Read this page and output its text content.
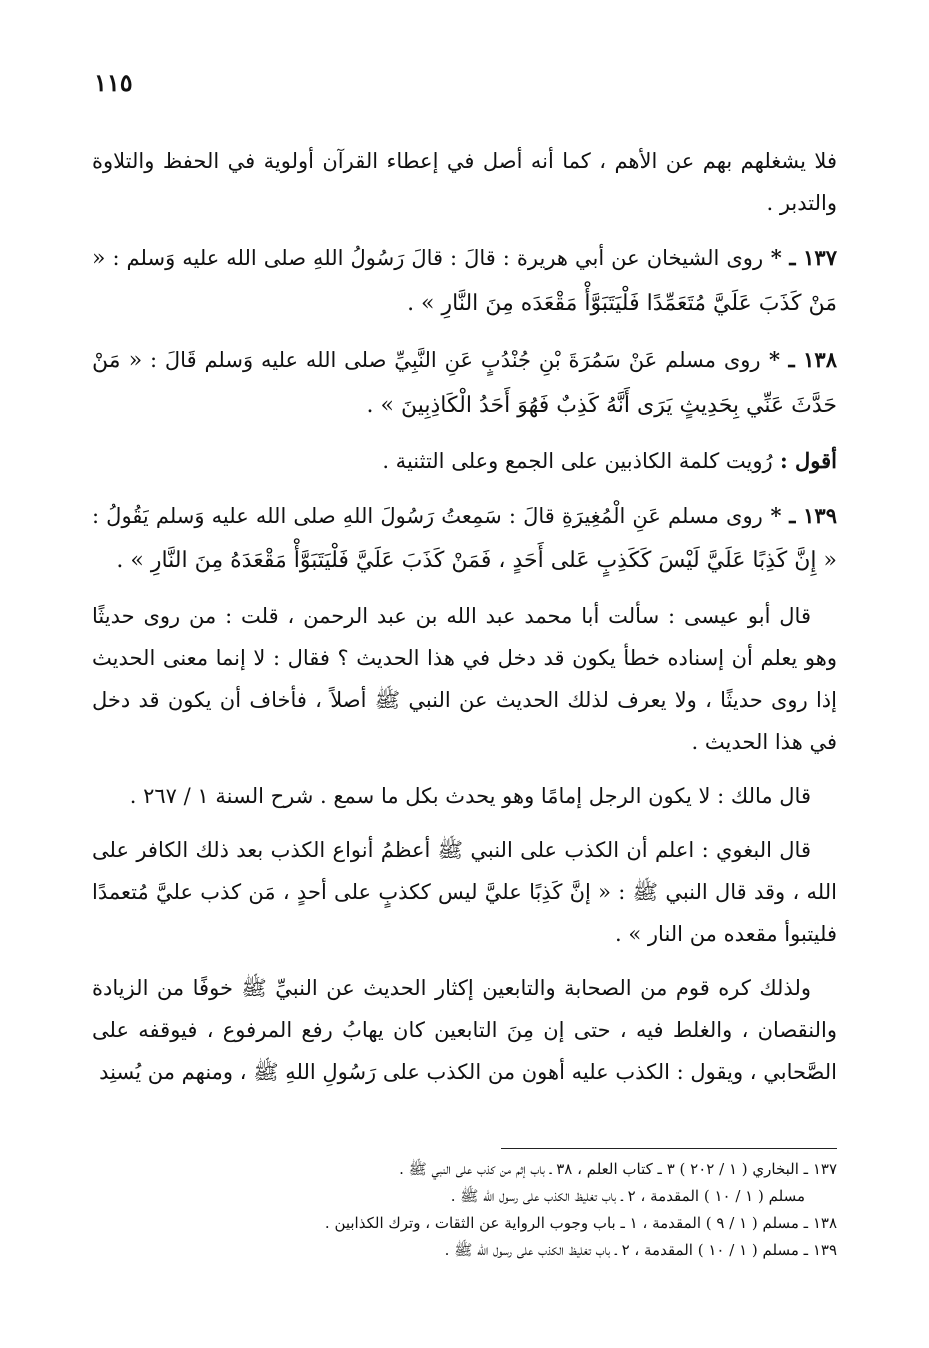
١١٥

فلا يشغلهم بهم عن الأهم ، كما أنه أصل في إعطاء القرآن أولوية في الحفظ والتلاوة والتدبر .

١٣٧ ـ * روى الشيخان عن أبي هريرة : قالَ : قالَ رَسُولُ اللهِ صلى الله عليه وَسلم : « مَنْ كَذَبَ عَلَيَّ مُتَعَمِّدًا فَلْيَتَبَوَّأْ مَقْعَدَه مِنَ النَّارِ » .

١٣٨ ـ * روى مسلم عَنْ سَمُرَةَ بْنِ جُنْدُبٍ عَنِ النَّبِيِّ صلى الله عليه وَسلم قَالَ : « مَنْ حَدَّثَ عَنِّي بِحَدِيثٍ يَرَى أَنَّهُ كَذِبٌ فَهُوَ أَحَدُ الْكَاذِبِينَ » .

أقول : رُويت كلمة الكاذبين على الجمع وعلى التثنية .

١٣٩ ـ * روى مسلم عَنِ الْمُغِيرَةِ قالَ : سَمِعتُ رَسُولَ اللهِ صلى الله عليه وَسلم يَقُولُ : « إِنَّ كَذِبًا عَلَيَّ لَيْسَ كَكَذِبٍ عَلى أَحَدٍ ، فَمَنْ كَذَبَ عَلَيَّ فَلْيَتَبَوَّأْ مَقْعَدَهُ مِنَ النَّارِ » .

قال أبو عيسى : سألت أبا محمد عبد الله بن عبد الرحمن ، قلت : من روى حديثًا وهو يعلم أن إسناده خطأ يكون قد دخل في هذا الحديث ؟ فقال : لا إنما معنى الحديث إذا روى حديثًا ، ولا يعرف لذلك الحديث عن النبي ﷺ أصلاً ، فأخاف أن يكون قد دخل في هذا الحديث .

قال مالك : لا يكون الرجل إمامًا وهو يحدث بكل ما سمع . شرح السنة ١ / ٢٦٧ .

قال البغوي : اعلم أن الكذب على النبي ﷺ أعظمُ أنواع الكذب بعد ذلك الكافر على الله ، وقد قال النبي ﷺ : « إنَّ كَذِبًا عليَّ ليس ككذبٍ على أحدٍ ، مَن كذب عليَّ مُتعمدًا فليتبوأ مقعده من النار » .

ولذلك كره قوم من الصحابة والتابعين إكثار الحديث عن النبيِّ ﷺ خوفًا من الزيادة والنقصان ، والغلط فيه ، حتى إن مِنَ التابعين كان يهابُ رفع المرفوع ، فيوقفه على الصَّحابي ، ويقول : الكذب عليه أهون من الكذب على رَسُولِ اللهِ ﷺ ، ومنهم من يُسنِد

١٣٧ ـ البخاري ( ١ / ٢٠٢ ) ٣ ـ كتاب العلم ، ٣٨ ـ باب إثم من كذب على النبي ﷺ .

مسلم ( ١ / ١٠ ) المقدمة ، ٢ ـ باب تغليظ الكذب على رسول الله ﷺ .

١٣٨ ـ مسلم ( ١ / ٩ ) المقدمة ، ١ ـ باب وجوب الرواية عن الثقات ، وترك الكذابين .

١٣٩ ـ مسلم ( ١ / ١٠ ) المقدمة ، ٢ ـ باب تغليظ الكذب على رسول الله ﷺ .
